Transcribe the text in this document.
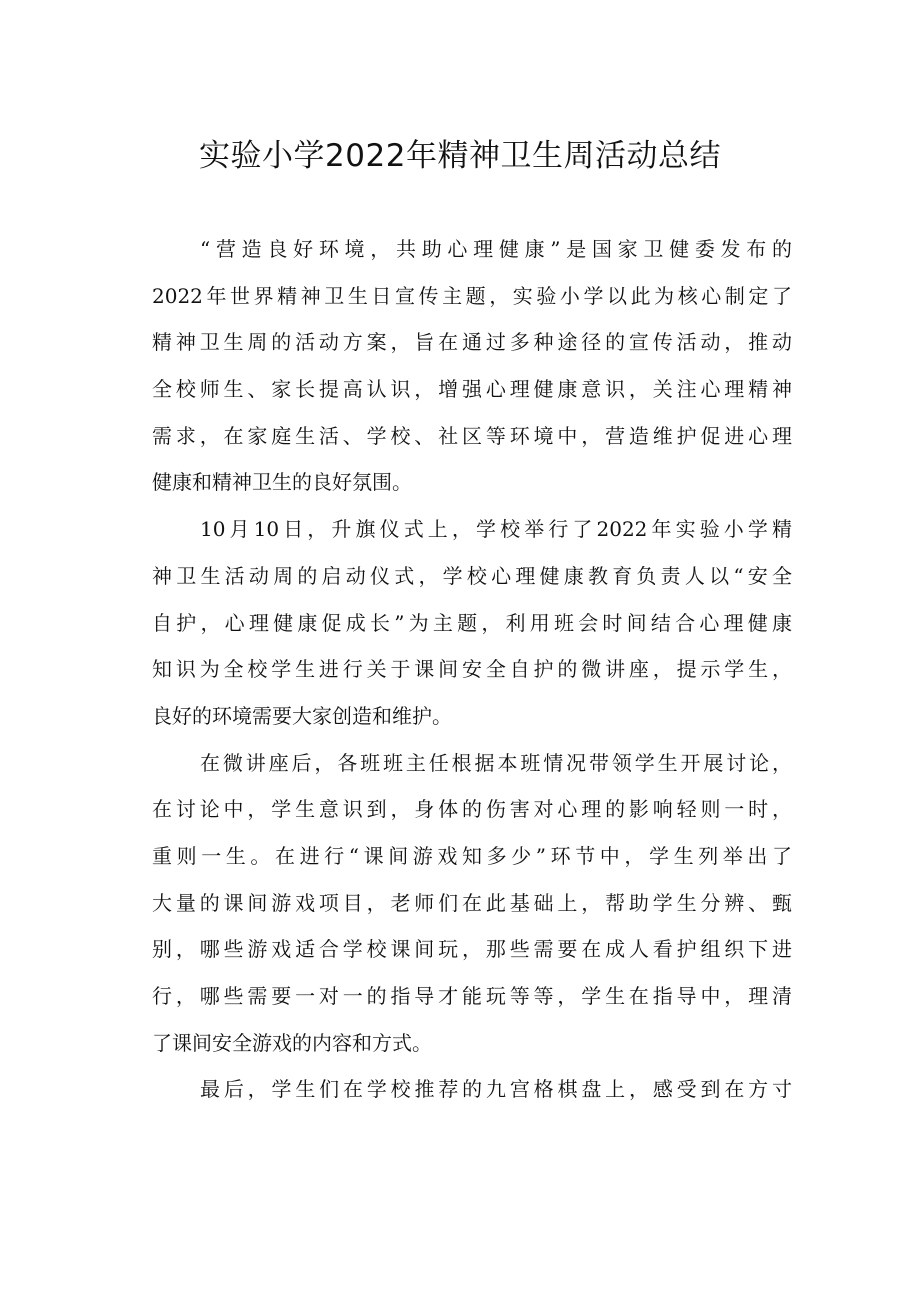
实验小学2022年精神卫生周活动总结
“营造良好环境，共助心理健康”是国家卫健委发布的
2022年世界精神卫生日宣传主题，实验小学以此为核心制定了
精神卫生周的活动方案，旨在通过多种途径的宣传活动，推动
全校师生、家长提高认识，增强心理健康意识，关注心理精神
需求，在家庭生活、学校、社区等环境中，营造维护促进心理
健康和精神卫生的良好氛围。
10月10日，升旗仪式上，学校举行了2022年实验小学精
神卫生活动周的启动仪式，学校心理健康教育负责人以“安全
自护，心理健康促成长”为主题，利用班会时间结合心理健康
知识为全校学生进行关于课间安全自护的微讲座，提示学生，
良好的环境需要大家创造和维护。
在微讲座后，各班班主任根据本班情况带领学生开展讨论，
在讨论中，学生意识到，身体的伤害对心理的影响轻则一时，
重则一生。在进行“课间游戏知多少”环节中，学生列举出了
大量的课间游戏项目，老师们在此基础上，帮助学生分辨、甄
别，哪些游戏适合学校课间玩，那些需要在成人看护组织下进
行，哪些需要一对一的指导才能玩等等，学生在指导中，理清
了课间安全游戏的内容和方式。
最后，学生们在学校推荐的九宫格棋盘上，感受到在方寸
